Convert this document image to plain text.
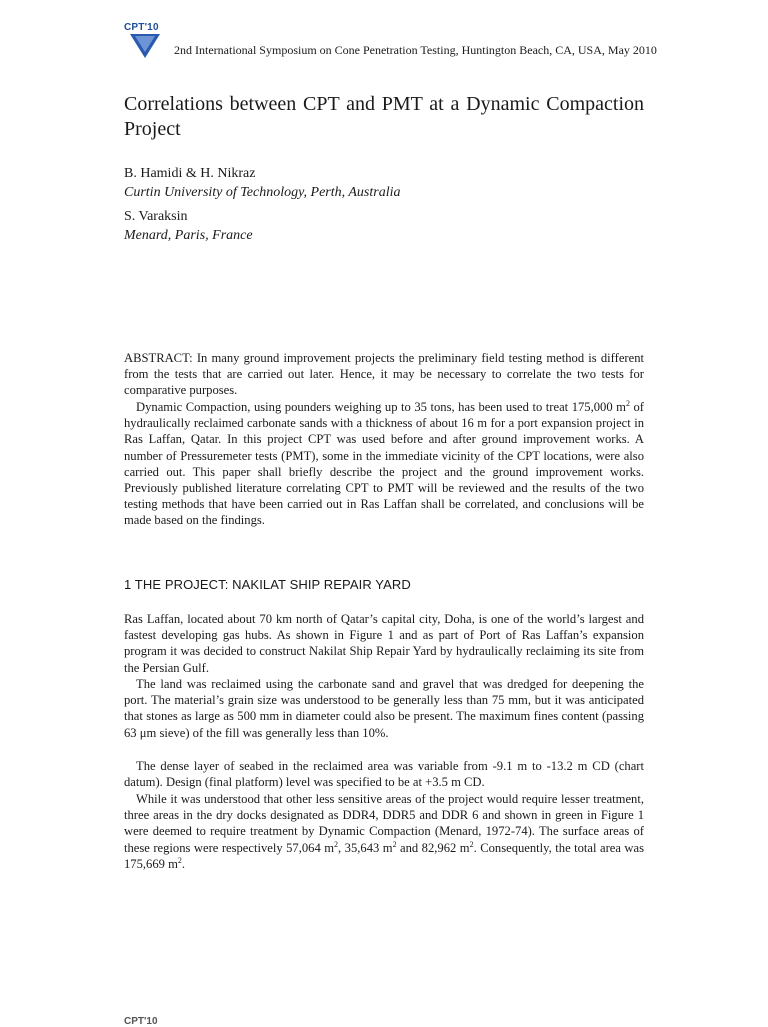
CPT'10
2nd International Symposium on Cone Penetration Testing, Huntington Beach, CA, USA, May 2010
Correlations between CPT and PMT at a Dynamic Compaction Project

B. Hamidi & H. Nikraz

Curtin University of Technology, Perth, Australia

S. Varaksin

Menard, Paris, France

ABSTRACT: In many ground improvement projects the preliminary field testing method is different from the tests that are carried out later. Hence, it may be necessary to correlate the two tests for comparative purposes.

Dynamic Compaction, using pounders weighing up to 35 tons, has been used to treat 175,000 $m^2$ of hydraulically reclaimed carbonate sands with a thickness of about 16 m for a port expansion project in Ras Laffan, Qatar. In this project CPT was used before and after ground improvement works. A number of Pressuremeter tests (PMT), some in the immediate vicinity of the CPT locations, were also carried out. This paper shall briefly describe the project and the ground improvement works. Previously published literature correlating CPT to PMT will be reviewed and the results of the two testing methods that have been carried out in Ras Laffan shall be correlated, and conclusions will be made based on the findings.

1 THE PROJECT: NAKILAT SHIP REPAIR YARD

Ras Laffan, located about 70 km north of Qatar’s capital city, Doha, is one of the world’s largest and fastest developing gas hubs. As shown in Figure 1 and as part of Port of Ras Laffan’s expansion program it was decided to construct Nakilat Ship Repair Yard by hydraulically reclaiming its site from the Persian Gulf.

The land was reclaimed using the carbonate sand and gravel that was dredged for deepening the port. The material’s grain size was understood to be generally less than 75 mm, but it was anticipated that stones as large as 500 mm in diameter could also be present. The maximum fines content (passing 63 μm sieve) of the fill was generally less than 10%.

The dense layer of seabed in the reclaimed area was variable from -9.1 m to -13.2 m CD (chart datum). Design (final platform) level was specified to be at +3.5 m CD.

While it was understood that other less sensitive areas of the project would require lesser treatment, three areas in the dry docks designated as DDR4, DDR5 and DDR 6 and shown in green in Figure 1 were deemed to require treatment by Dynamic Compaction (Menard, 1972-74). The surface areas of these regions were respectively 57,064 $m^2$, 35,643 $m^2$ and 82,962 $m^2$. Consequently, the total area was 175,669 $m^2$.

CPT'10
